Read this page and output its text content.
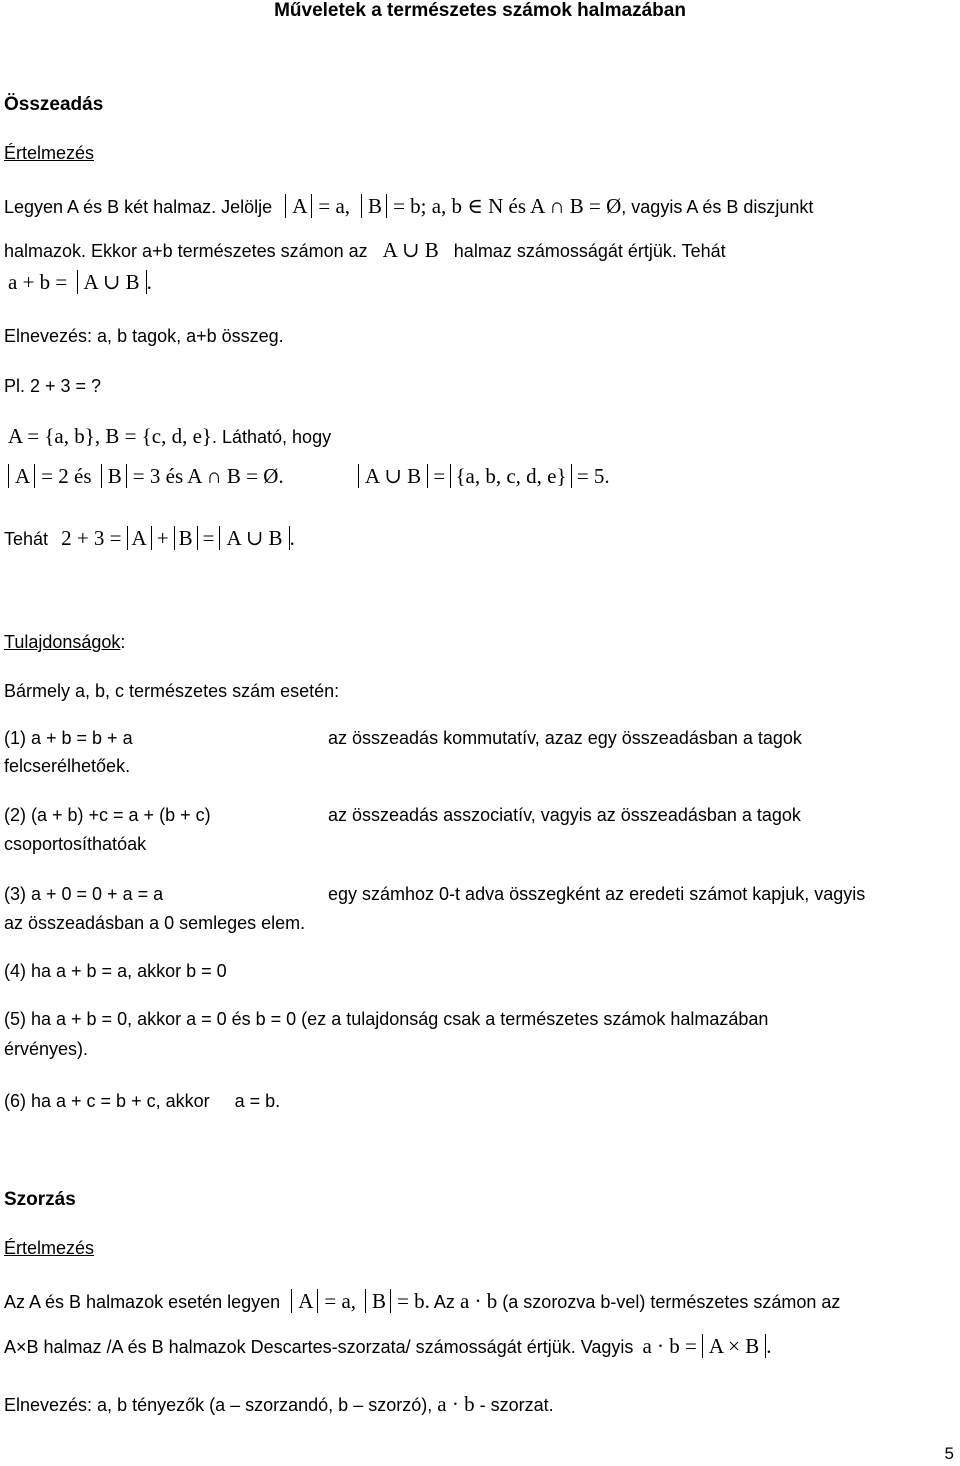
Műveletek a természetes számok halmazában
Összeadás
Értelmezés
Legyen A és B két halmaz. Jelölje A = a, B = b; a, b ∈ N és A ∩ B = Ø, vagyis A és B diszjunkt
halmazok. Ekkor a+b természetes számon az A ∪ B halmaz számosságát értjük. Tehát
a + b = A ∪ B .
Elnevezés: a, b tagok, a+b összeg.
Pl. 2 + 3 = ?
A = {a, b}, B = {c, d, e}. Látható, hogy
A = 2 és B = 3 és A ∩ B = Ø.	A ∪ B = {a, b, c, d, e} = 5.
Tehát 2 + 3 = A + B = A ∪ B .
Tulajdonságok:
Bármely a, b, c természetes szám esetén:
(1) a + b = b + a	az összeadás kommutatív, azaz egy összeadásban a tagok
felcserélhetőek.
(2) (a + b) +c = a + (b + c)	az összeadás asszociatív, vagyis az összeadásban a tagok
csoportosíthatóak
(3) a + 0 = 0 + a = a	egy számhoz 0-t adva összegként az eredeti számot kapjuk, vagyis
az összeadásban a 0 semleges elem.
(4) ha a + b = a, akkor b = 0
(5) ha a + b = 0, akkor a = 0 és b = 0 (ez a tulajdonság csak a természetes számok halmazában
érvényes).
(6) ha a + c = b + c, akkor     a = b.
Szorzás
Értelmezés
Az A és B halmazok esetén legyen A = a, B = b. Az a · b (a szorozva b-vel) természetes számon az
A×B halmaz /A és B halmazok Descartes-szorzata/ számosságát értjük. Vagyis a · b = A × B .
Elnevezés: a, b tényezők (a – szorzandó, b – szorzó), a · b - szorzat.
5
